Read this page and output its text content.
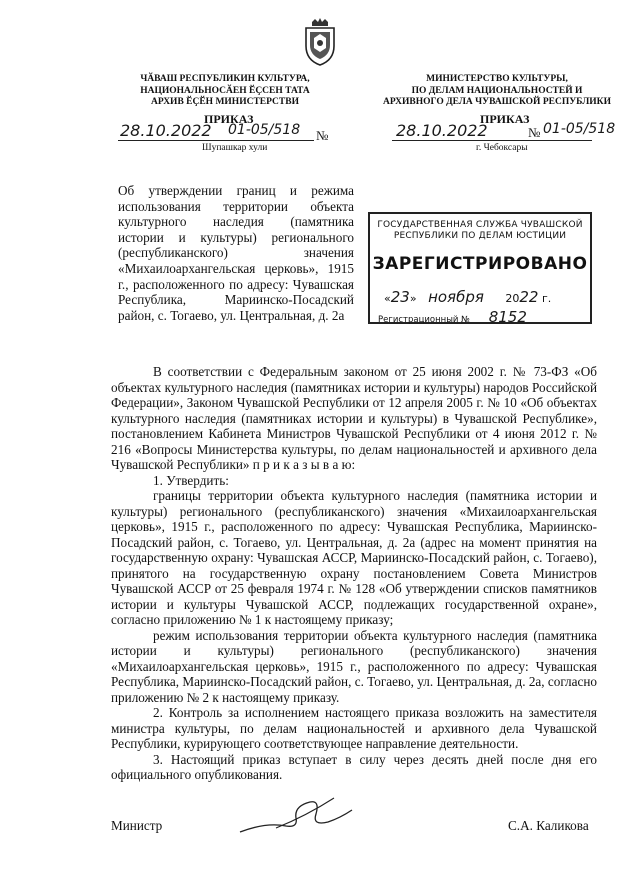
ЧӐВАШ РЕСПУБЛИКИН КУЛЬТУРА,
НАЦИОНАЛЬНОСӐЕН ӖҪСЕН ТАТА
АРХИВ ӖҪӖН МИНИСТЕРСТВИ
МИНИСТЕРСТВО КУЛЬТУРЫ,
ПО ДЕЛАМ НАЦИОНАЛЬНОСТЕЙ И
АРХИВНОГО ДЕЛА ЧУВАШСКОЙ РЕСПУБЛИКИ
ПРИКАЗ	ПРИКАЗ
28.10.2022 01-05/518 №
Шупашкар хули
28.10.2022	№ 01-05/518
г. Чебоксары
Об утверждении границ и режима использования территории объекта культурного наследия (памятника истории и культуры) регионального (республиканского) значения «Михаилоархангельская церковь», 1915 г., расположенного по адресу: Чувашская Республика, Мариинско-Посадский район, с. Тогаево, ул. Центральная, д. 2а
ГОСУДАРСТВЕННАЯ СЛУЖБА ЧУВАШСКОЙ
РЕСПУБЛИКИ ПО ДЕЛАМ ЮСТИЦИИ
ЗАРЕГИСТРИРОВАНО
«23» ноября 2022 г.
Регистрационный № 8152

В соответствии с Федеральным законом от 25 июня 2002 г. № 73-ФЗ «Об объектах культурного наследия (памятниках истории и культуры) народов Российской Федерации», Законом Чувашской Республики от 12 апреля 2005 г. № 10 «Об объектах культурного наследия (памятниках истории и культуры) в Чувашской Республике», постановлением Кабинета Министров Чувашской Республики от 4 июня 2012 г. № 216 «Вопросы Министерства культуры, по делам национальностей и архивного дела Чувашской Республики» п р и к а з ы в а ю:

1. Утвердить:

границы территории объекта культурного наследия (памятника истории и культуры) регионального (республиканского) значения «Михаилоархангельская церковь», 1915 г., расположенного по адресу: Чувашская Республика, Мариинско-Посадский район, с. Тогаево, ул. Центральная, д. 2а (адрес на момент принятия на государственную охрану: Чувашская АССР, Мариинско-Посадский район, с. Тогаево), принятого на государственную охрану постановлением Совета Министров Чувашской АССР от 25 февраля 1974 г. № 128 «Об утверждении списков памятников истории и культуры Чувашской АССР, подлежащих государственной охране», согласно приложению № 1 к настоящему приказу;

режим использования территории объекта культурного наследия (памятника истории и культуры) регионального (республиканского) значения «Михаилоархангельская церковь», 1915 г., расположенного по адресу: Чувашская Республика, Мариинско-Посадский район, с. Тогаево, ул. Центральная, д. 2а, согласно приложению № 2 к настоящему приказу.

2. Контроль за исполнением настоящего приказа возложить на заместителя министра культуры, по делам национальностей и архивного дела Чувашской Республики, курирующего соответствующее направление деятельности.

3. Настоящий приказ вступает в силу через десять дней после дня его официального опубликования.

Министр	С.А. Каликова
